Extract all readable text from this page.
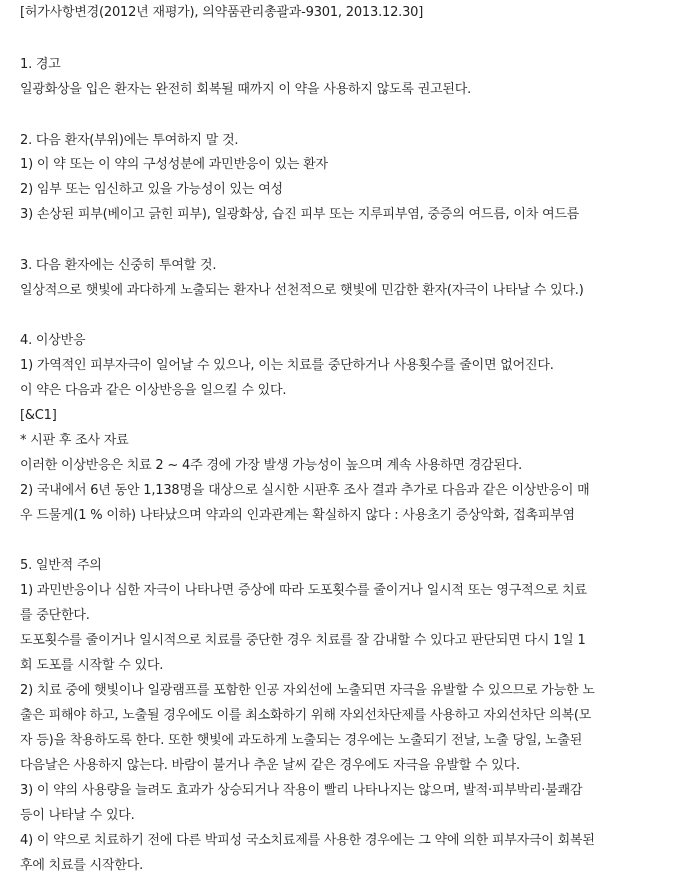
[허가사항변경(2012년 재평가), 의약품관리총괄과-9301, 2013.12.30]
1. 경고
일광화상을 입은 환자는 완전히 회복될 때까지 이 약을 사용하지 않도록 권고된다.
2. 다음 환자(부위)에는 투여하지 말 것.
1) 이 약 또는 이 약의 구성성분에 과민반응이 있는 환자
2) 임부 또는 임신하고 있을 가능성이 있는 여성
3) 손상된 피부(베이고 긁힌 피부), 일광화상, 습진 피부 또는 지루피부염, 중증의 여드름, 이차 여드름
3. 다음 환자에는 신중히 투여할 것.
일상적으로 햇빛에 과다하게 노출되는 환자나 선천적으로 햇빛에 민감한 환자(자극이 나타날 수 있다.)
4. 이상반응
1) 가역적인 피부자극이 일어날 수 있으나, 이는 치료를 중단하거나 사용횟수를 줄이면 없어진다.
이 약은 다음과 같은 이상반응을 일으킬 수 있다.
[&C1]
* 시판 후 조사 자료
이러한 이상반응은 치료 2 ~ 4주 경에 가장 발생 가능성이 높으며 계속 사용하면 경감된다.
2) 국내에서 6년 동안 1,138명을 대상으로 실시한 시판후 조사 결과 추가로 다음과 같은 이상반응이 매
우 드물게(1 % 이하) 나타났으며 약과의 인과관계는 확실하지 않다 : 사용초기 증상악화, 접촉피부염
5. 일반적 주의
1) 과민반응이나 심한 자극이 나타나면 증상에 따라 도포횟수를 줄이거나 일시적 또는 영구적으로 치료
를 중단한다.
도포횟수를 줄이거나 일시적으로 치료를 중단한 경우 치료를 잘 감내할 수 있다고 판단되면 다시 1일 1
회 도포를 시작할 수 있다.
2) 치료 중에 햇빛이나 일광램프를 포함한 인공 자외선에 노출되면 자극을 유발할 수 있으므로 가능한 노
출은 피해야 하고, 노출될 경우에도 이를 최소화하기 위해 자외선차단제를 사용하고 자외선차단 의복(모
자 등)을 착용하도록 한다. 또한 햇빛에 과도하게 노출되는 경우에는 노출되기 전날, 노출 당일, 노출된
다음날은 사용하지 않는다. 바람이 불거나 추운 날씨 같은 경우에도 자극을 유발할 수 있다.
3) 이 약의 사용량을 늘려도 효과가 상승되거나 작용이 빨리 나타나지는 않으며, 발적·피부박리·불쾌감
등이 나타날 수 있다.
4) 이 약으로 치료하기 전에 다른 박피성 국소치료제를 사용한 경우에는 그 약에 의한 피부자극이 회복된
후에 치료를 시작한다.
